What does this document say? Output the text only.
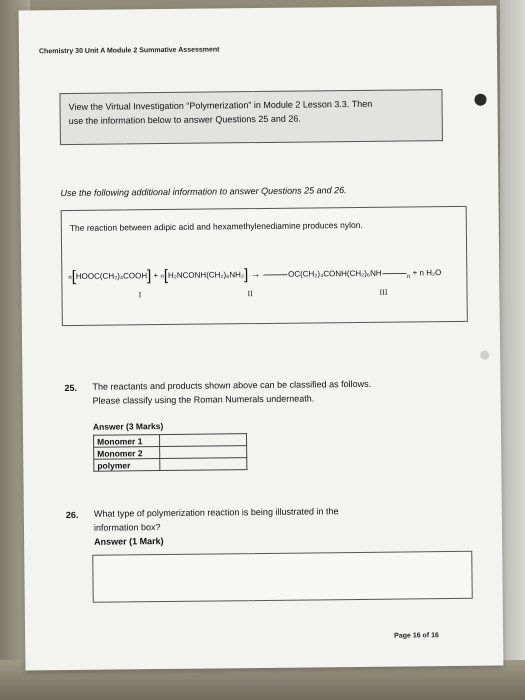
Chemistry 30 Unit A Module 2 Summative Assessment
View the Virtual Investigation “Polymerization” in Module 2 Lesson 3.3. Then
use the information below to answer Questions 25 and 26.
Use the following additional information to answer Questions 25 and 26.
The reaction between adipic acid and hexamethylenediamine produces nylon.
n[HOOC(CH₂)₄COOH] + n[H₂NCONH(CH₂)₆NH₂] → $⸺OC(CH_2)_4CONH(CH_2)_6NH⸺_n + n$ H₂O
I	II	III
25. The reactants and products shown above can be classified as follows.
Please classify using the Roman Numerals underneath.
Answer (3 Marks)
Monomer 1	
Monomer 2	
polymer	
26. What type of polymerization reaction is being illustrated in the
information box?
Answer (1 Mark)
Page 16 of 16
